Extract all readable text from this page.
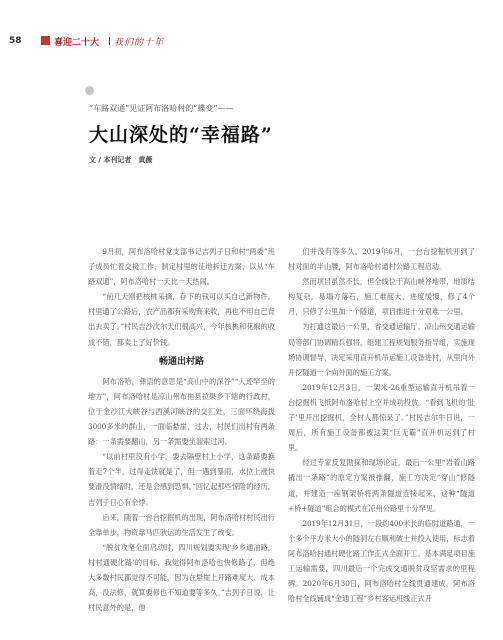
58	喜迎二十大 我们的十年
“车路双通”见证阿布洛哈村的“蝶变”——
大山深处的“幸福路”
文 / 本刊记者　黄薇

9月初，阿布洛哈村党支部书记吉列子日和村“两委”班子成员忙着交接工作，制定村里的征地拆迁方案，以从“车路双通”，阿布洛哈村一天比一天热闹。

“前几天刚把核桃采摘，存下的钱可以买自己新物件，村里通了公路后，农产品都有采购商来收，再也不用自己背出去卖了。”村民吉沙次尔天们很高兴，今年核桃和花椒的收成不错，都卖上了好价钱。

畅通出村路

阿布洛哈，彝语的意思是“高山中的深谷”“人迹罕至的地方”，阿布洛哈村是凉山州布拖县拉果乡下辖的行政村，位于金沙江大峡谷与西溪河峡谷的交汇处，三面环绕海拔3000多米的群山，一面临悬崖，过去，村民们出村有两条路：一条需要翻山，另一条需要坐溜索过河。

“以前村里没有小学，要去隔壁村上小学，这条路要换着走7个半，过得走快就是了，但一遇到暴雨，水位上涨快要滑没情绪时，还是会感到恐惧。”回忆起那些惊险的经历，吉列子日心有余悸。

后来，随着一台台挖掘机的出现，阿布洛哈村村民出行全靠单步，物资靠马匹驮运的生活发生了改变。

“脱贫攻坚全面启动时，四川规划要实现‘乡乡通油路，村村通硬化路’的目标，我觉得阿布洛哈也快修路了，但绝大多数村民都觉得不可能，因为在悬崖上开路难度大、成本高，没法修，就算要修也不知道要等多久。”吉列子日说，让村民意外的是，他

们并没有等多久。2019年6月，一台台挖掘机开到了村对面的半山腰，阿布洛哈村通村公路工程启动。

然而项目虽然不长，但全线位于高山峡谷地带，地质结构复杂，易塌方落石，施工难度大，进度缓慢，修了4个月，只修了公里加一个隧道，项目推进十分艰难一公里。

为打通这最后一公里，省交通运输厅、凉山州交通运输局等部门协调精兵强将，组建工程规划服务指导组，实施现场协调督导，决定采用直升机吊运施工设备进村，从里向外开挖隧道一个向外面的施工方案。

2019年12月3日，一架米-26重型运输直升机吊着一台挖掘机飞抵阿布洛哈村上空并成功投放。“看到飞机的‘肚子’里开出挖掘机，全村人都惊呆了。”村民吉尔牛日说，一周后，所有施工设备都被这架“巨无霸”直升机运到了村里。

经过专家反复勘探和现场论证，最后一公里“岩着山路撬出一条路”的原定方案被推翻，施工方决定“穿山”修隧道，并建造一座钢架桥将两条隧道连接起来，这种“隧道+桥+隧道”组合的模式在凉州公路里十分罕见。

2019年12月31日，一段约400米长的临时道路通，一个多个平方米大小的隧洞左右顺利破土并投入使用，标志着阿布洛哈村通村硬化路工作正式全面开工。基本满足项目施工运输需要，四川最后一个完成交通脱贫攻坚需求的里程碑。2020年6月30日，阿布洛哈村全线贯通建成，阿布洛哈村全线铺成“金通工程”乡村客运班线正式开
